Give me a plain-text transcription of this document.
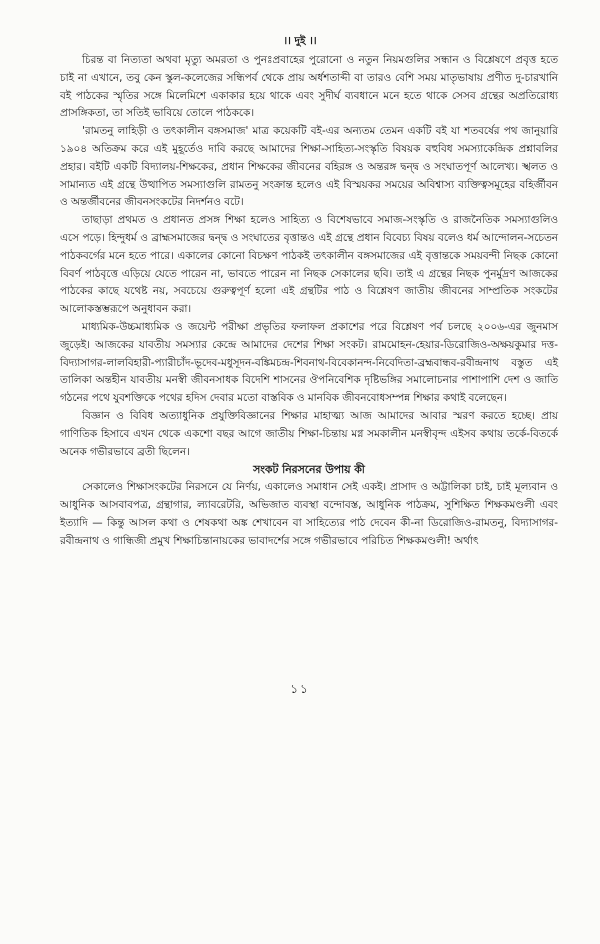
।। দুই ।।

চিরন্ত বা নিত্যতা অথবা মৃত্যু অমরতা ও পুনঃপ্রবাহের পুরোনো ও নতুন নিয়মগুলির সন্ধান ও বিশ্লেষণে প্রবৃত্ত হতে চাই না এখানে, তবু কেন স্কুল-কলেজের সন্ধিপর্ব থেকে প্রায় অর্ধশতাব্দী বা তারও বেশি সময় মাতৃভাষায় প্রণীত দু-চারখানি বই পাঠকের স্মৃতির সঙ্গে মিলেমিশে একাকার হয়ে থাকে এবং সুদীর্ঘ ব্যবধানে মনে হতে থাকে সেসব গ্রন্থের অপ্রতিরোধ্য প্রাসঙ্গিকতা, তা সতিই ভাবিয়ে তোলে পাঠককে।

'রামতনু লাহিড়ী ও তৎকালীন বঙ্গসমাজ' মাত্র কয়েকটি বই-এর অন্যতম তেমন একটি বই যা শতবর্ষের পথ জানুয়ারি ১৯০৪ অতিক্রম করে এই মুহূর্তেও দাবি করছে আমাদের শিক্ষা-সাহিত্য-সংস্কৃতি বিষয়ক বহুবিধ সমস্যাকেন্দ্রিক প্রশ্নাবলির প্রহার। বইটি একটি বিদ্যালয়-শিক্ষকের, প্রধান শিক্ষকের জীবনের বহিরঙ্গ ও অন্তরঙ্গ দ্বন্দ্ব ও সংঘাতপূর্ণ আলেখ্য। স্খলত ও সামান্যত এই গ্রন্থে উত্থাপিত সমস্যাগুলি রামতনু সংক্রান্ত হলেও এই বিস্ময়কর সময়ের অবিশ্বাস্য ব্যক্তিত্বসমূহের বহির্জীবন ও অন্তর্জীবনের জীবনসংকটের নিদর্শনও বটে।

তাছাড়া প্রথমত ও প্রধানত প্রসঙ্গ শিক্ষা হলেও সাহিত্য ও বিশেষভাবে সমাজ-সংস্কৃতি ও রাজনৈতিক সমস্যাগুলিও এসে পড়ে। হিন্দুধর্ম ও ব্রাহ্মসমাজের দ্বন্দ্ব ও সংঘাতের বৃত্তান্তও এই গ্রন্থে প্রধান বিবেচ্য বিষয় বলেও ধর্ম আন্দোলন-সচেতন পাঠকবর্গের মনে হতে পারে। একালের কোনো বিচক্ষণ পাঠকই তৎকালীন বঙ্গসমাজের এই বৃত্তান্তকে সময়বন্দী নিছক কোনো বিবর্ণ পাঠবৃত্তে এড়িয়ে যেতে পারেন না, ভাবতে পারেন না নিছক সেকালের ছবি। তাই এ গ্রন্থের নিছক পুনর্মুদ্রণ আজকের পাঠকের কাছে যথেষ্ট নয়, সবচেয়ে গুরুত্বপূর্ণ হলো এই গ্রন্থটির পাঠ ও বিশ্লেষণ জাতীয় জীবনের সাম্প্রতিক সংকটের আলোকস্তম্ভরূপে অনুধাবন করা।

মাধ্যমিক-উচ্চমাধ্যমিক ও জয়েন্ট পরীক্ষা প্রভৃতির ফলাফল প্রকাশের পরে বিশ্লেষণ পর্ব চলছে ২০০৬-এর জুনমাস জুড়েই। আজকের যাবতীয় সমস্যার কেন্দ্রে আমাদের দেশের শিক্ষা সংকট। রামমোহন-হেয়ার-ডিরোজিও-অক্ষয়কুমার দত্ত-বিদ্যাসাগর-লালবিহারী-প্যারীচাঁদ-ভূদেব-মধুসূদন-বঙ্কিমচন্দ্র-শিবনাথ-বিবেকানন্দ-নিবেদিতা-ব্রহ্মবান্ধব-রবীন্দ্রনাথ বস্তুত এই তালিকা অন্তহীন যাবতীয় মনস্বী জীবনসাধক বিদেশি শাসনের ঔপনিবেশিক দৃষ্টিভঙ্গির সমালোচনার পাশাপাশি দেশ ও জাতি গঠনের পথে যুবশক্তিকে পথের হদিস দেবার মতো বাস্তবিক ও মানবিক জীবনবোধসম্পন্ন শিক্ষার কথাই বলেছেন।

বিজ্ঞান ও বিবিধ অত্যাধুনিক প্রযুক্তিবিজ্ঞানের শিক্ষার মাহাত্ম্য আজ আমাদের আবার স্মরণ করতে হচ্ছে। প্রায় গাণিতিক হিসাবে এখন থেকে একশো বছর আগে জাতীয় শিক্ষা-চিন্তায় মগ্ন সমকালীন মনস্বীবৃন্দ এইসব কথায় তর্কে-বিতর্কে অনেক গভীরভাবে ব্রতী ছিলেন।

সংকট নিরসনের উপায় কী

সেকালেও শিক্ষাসংকটের নিরসনে যে নির্ণয়, একালেও সমাধান সেই একই। প্রাসাদ ও অট্টালিকা চাই, চাই মূল্যবান ও আধুনিক আসবাবপত্র, গ্রন্থাগার, ল্যাবরেটরি, অভিজাত ব্যবস্থা বন্দোবস্ত, আধুনিক পাঠক্রম, সুশিক্ষিত শিক্ষকমণ্ডলী এবং ইত্যাদি — কিন্তু আসল কথা ও শেষকথা অঙ্ক শেখাবেন বা সাহিত্যের পাঠ দেবেন কী-না ডিরোজিও-রামতনু, বিদ্যাসাগর-রবীন্দ্রনাথ ও গান্ধিজী প্রমুখ শিক্ষাচিন্তানায়কের ভাবাদর্শের সঙ্গে গভীরভাবে পরিচিত শিক্ষকমণ্ডলী! অর্থাৎ

১১
